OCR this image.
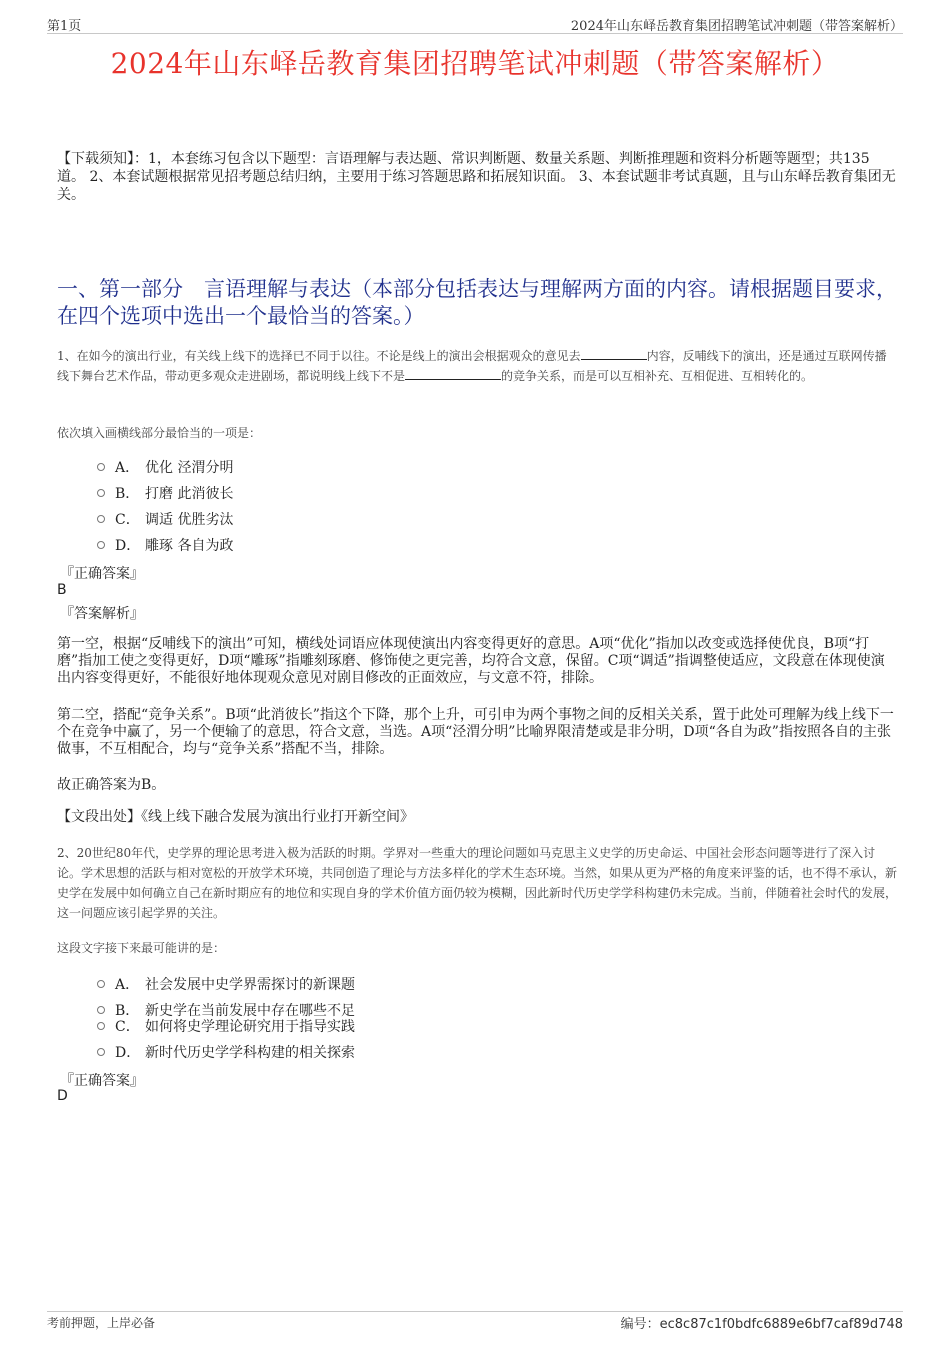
第1页	2024年山东峄岳教育集团招聘笔试冲刺题（带答案解析）
2024年山东峄岳教育集团招聘笔试冲刺题（带答案解析）
【下载须知】：1，本套练习包含以下题型：言语理解与表达题、常识判断题、数量关系题、判断推理题和资料分析题等题型；共135道。 2、本套试题根据常见招考题总结归纳，主要用于练习答题思路和拓展知识面。 3、本套试题非考试真题，且与山东峄岳教育集团无关。
一、第一部分　言语理解与表达（本部分包括表达与理解两方面的内容。请根据题目要求，在四个选项中选出一个最恰当的答案。）
1、在如今的演出行业，有关线上线下的选择已不同于以往。不论是线上的演出会根据观众的意见去	内容，反哺线下的演出，还是通过互联网传播线下舞台艺术作品，带动更多观众走进剧场，都说明线上线下不是	的竞争关系，而是可以互相补充、互相促进、互相转化的。
依次填入画横线部分最恰当的一项是：
A． 优化 泾渭分明
B． 打磨 此消彼长
C． 调适 优胜劣汰
D． 雕琢 各自为政
『正确答案』
B
『答案解析』
第一空，根据“反哺线下的演出”可知，横线处词语应体现使演出内容变得更好的意思。A项“优化”指加以改变或选择使优良，B项“打磨”指加工使之变得更好，D项“雕琢”指雕刻琢磨、修饰使之更完善，均符合文意，保留。C项“调适”指调整使适应，文段意在体现使演出内容变得更好，不能很好地体现观众意见对剧目修改的正面效应，与文意不符，排除。
第二空，搭配“竞争关系”。B项“此消彼长”指这个下降，那个上升，可引申为两个事物之间的反相关关系，置于此处可理解为线上线下一个在竞争中赢了，另一个便输了的意思，符合文意，当选。A项“泾渭分明”比喻界限清楚或是非分明，D项“各自为政”指按照各自的主张做事，不互相配合，均与“竞争关系”搭配不当，排除。
故正确答案为B。
【文段出处】《线上线下融合发展为演出行业打开新空间》
2、20世纪80年代，史学界的理论思考进入极为活跃的时期。学界对一些重大的理论问题如马克思主义史学的历史命运、中国社会形态问题等进行了深入讨论。学术思想的活跃与相对宽松的开放学术环境，共同创造了理论与方法多样化的学术生态环境。当然，如果从更为严格的角度来评鉴的话，也不得不承认，新史学在发展中如何确立自己在新时期应有的地位和实现自身的学术价值方面仍较为模糊，因此新时代历史学学科构建仍未完成。当前，伴随着社会时代的发展，这一问题应该引起学界的关注。
这段文字接下来最可能讲的是：
A． 社会发展中史学界需探讨的新课题
B． 新史学在当前发展中存在哪些不足
C． 如何将史学理论研究用于指导实践
D． 新时代历史学学科构建的相关探索
『正确答案』
D
考前押题，上岸必备	编号：ec8c87c1f0bdfc6889e6bf7caf89d748
